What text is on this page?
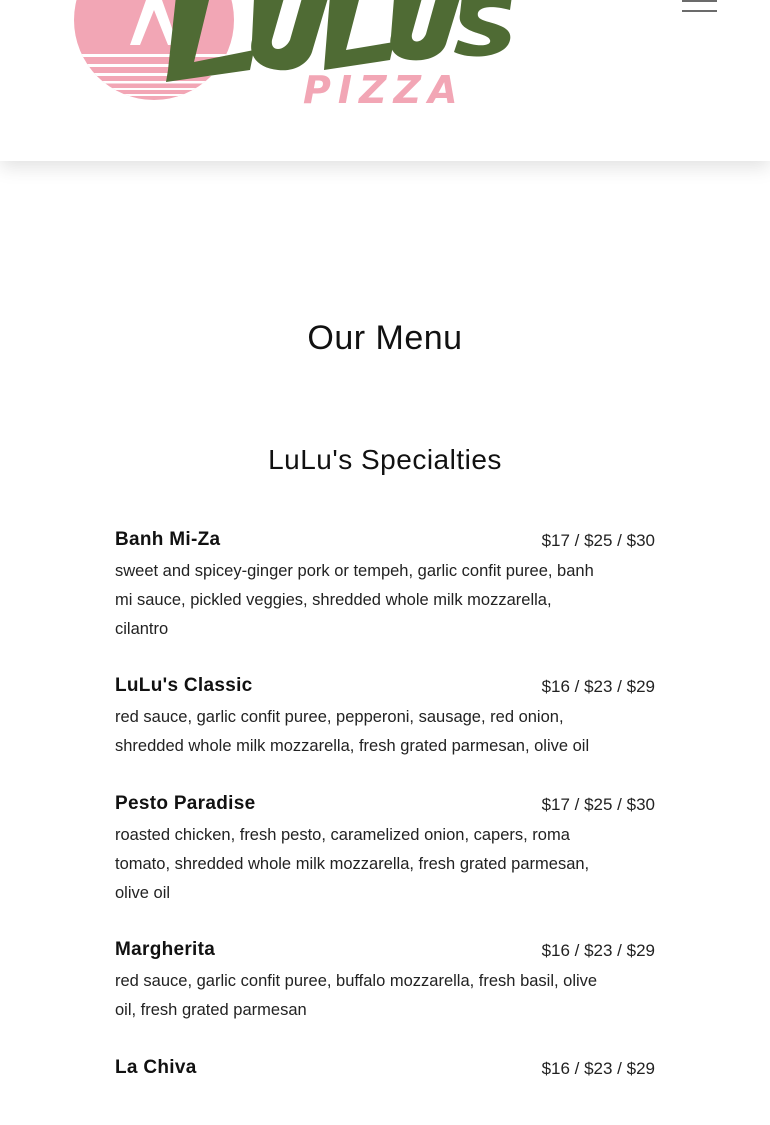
PIZZA
Our Menu
LuLu's Specialties
Banh Mi-Za	$17 / $25 / $30

sweet and spicey-ginger pork or tempeh, garlic confit puree, banh mi sauce, pickled veggies, shredded whole milk mozzarella, cilantro

LuLu's Classic	$16 / $23 / $29

red sauce, garlic confit puree, pepperoni, sausage, red onion, shredded whole milk mozzarella, fresh grated parmesan, olive oil

Pesto Paradise	$17 / $25 / $30

roasted chicken, fresh pesto, caramelized onion, capers, roma tomato, shredded whole milk mozzarella, fresh grated parmesan, olive oil

Margherita	$16 / $23 / $29

red sauce, garlic confit puree, buffalo mozzarella, fresh basil, olive oil, fresh grated parmesan

La Chiva	$16 / $23 / $29
